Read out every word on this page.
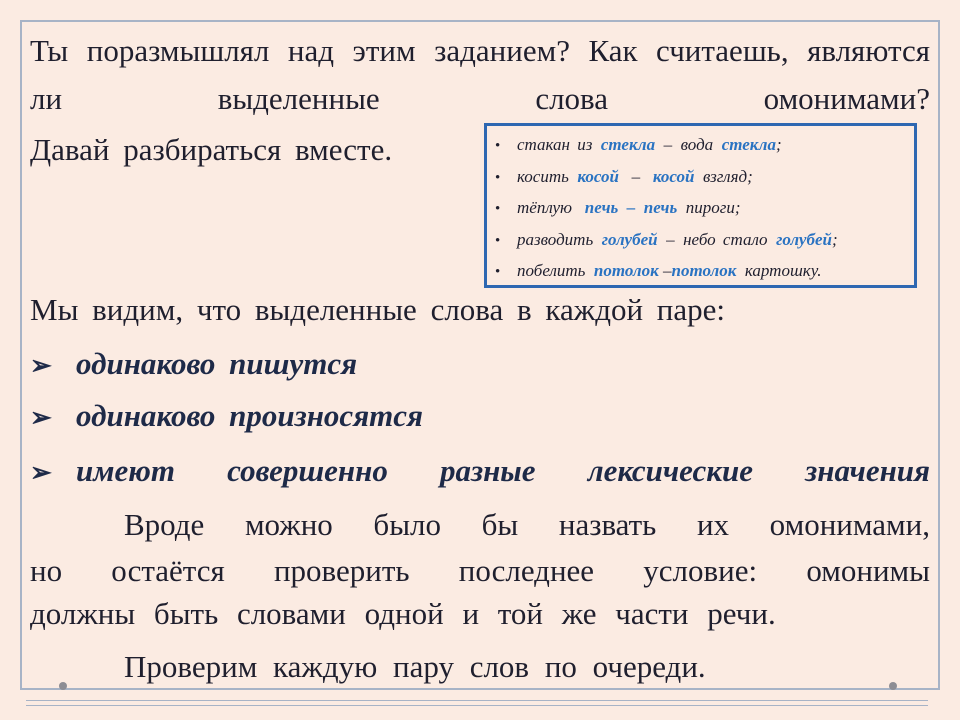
Ты поразмышлял над этим заданием? Как считаешь, являются ли выделенные слова омонимами?

Давай разбираться вместе.	• стакан из
стекла
–
вода
стекла ;
• косить
косой
–
косой
взгляд;
• тёплую
печь
–
печь
пироги;
• разводить
голубей
–
небо стало
голубей ;
• побелить
потолок
– потолок
картошку.

Мы видим, что выделенные слова в каждой паре:

➢ одинаково пишутся
➢ одинаково произносятся
➢ имеют совершенно разные лексические значения

Вроде можно было бы назвать их омонимами,

но остаётся проверить последнее условие: омонимы

должны быть словами одной и той же части речи.

Проверим каждую пару слов по очереди.
